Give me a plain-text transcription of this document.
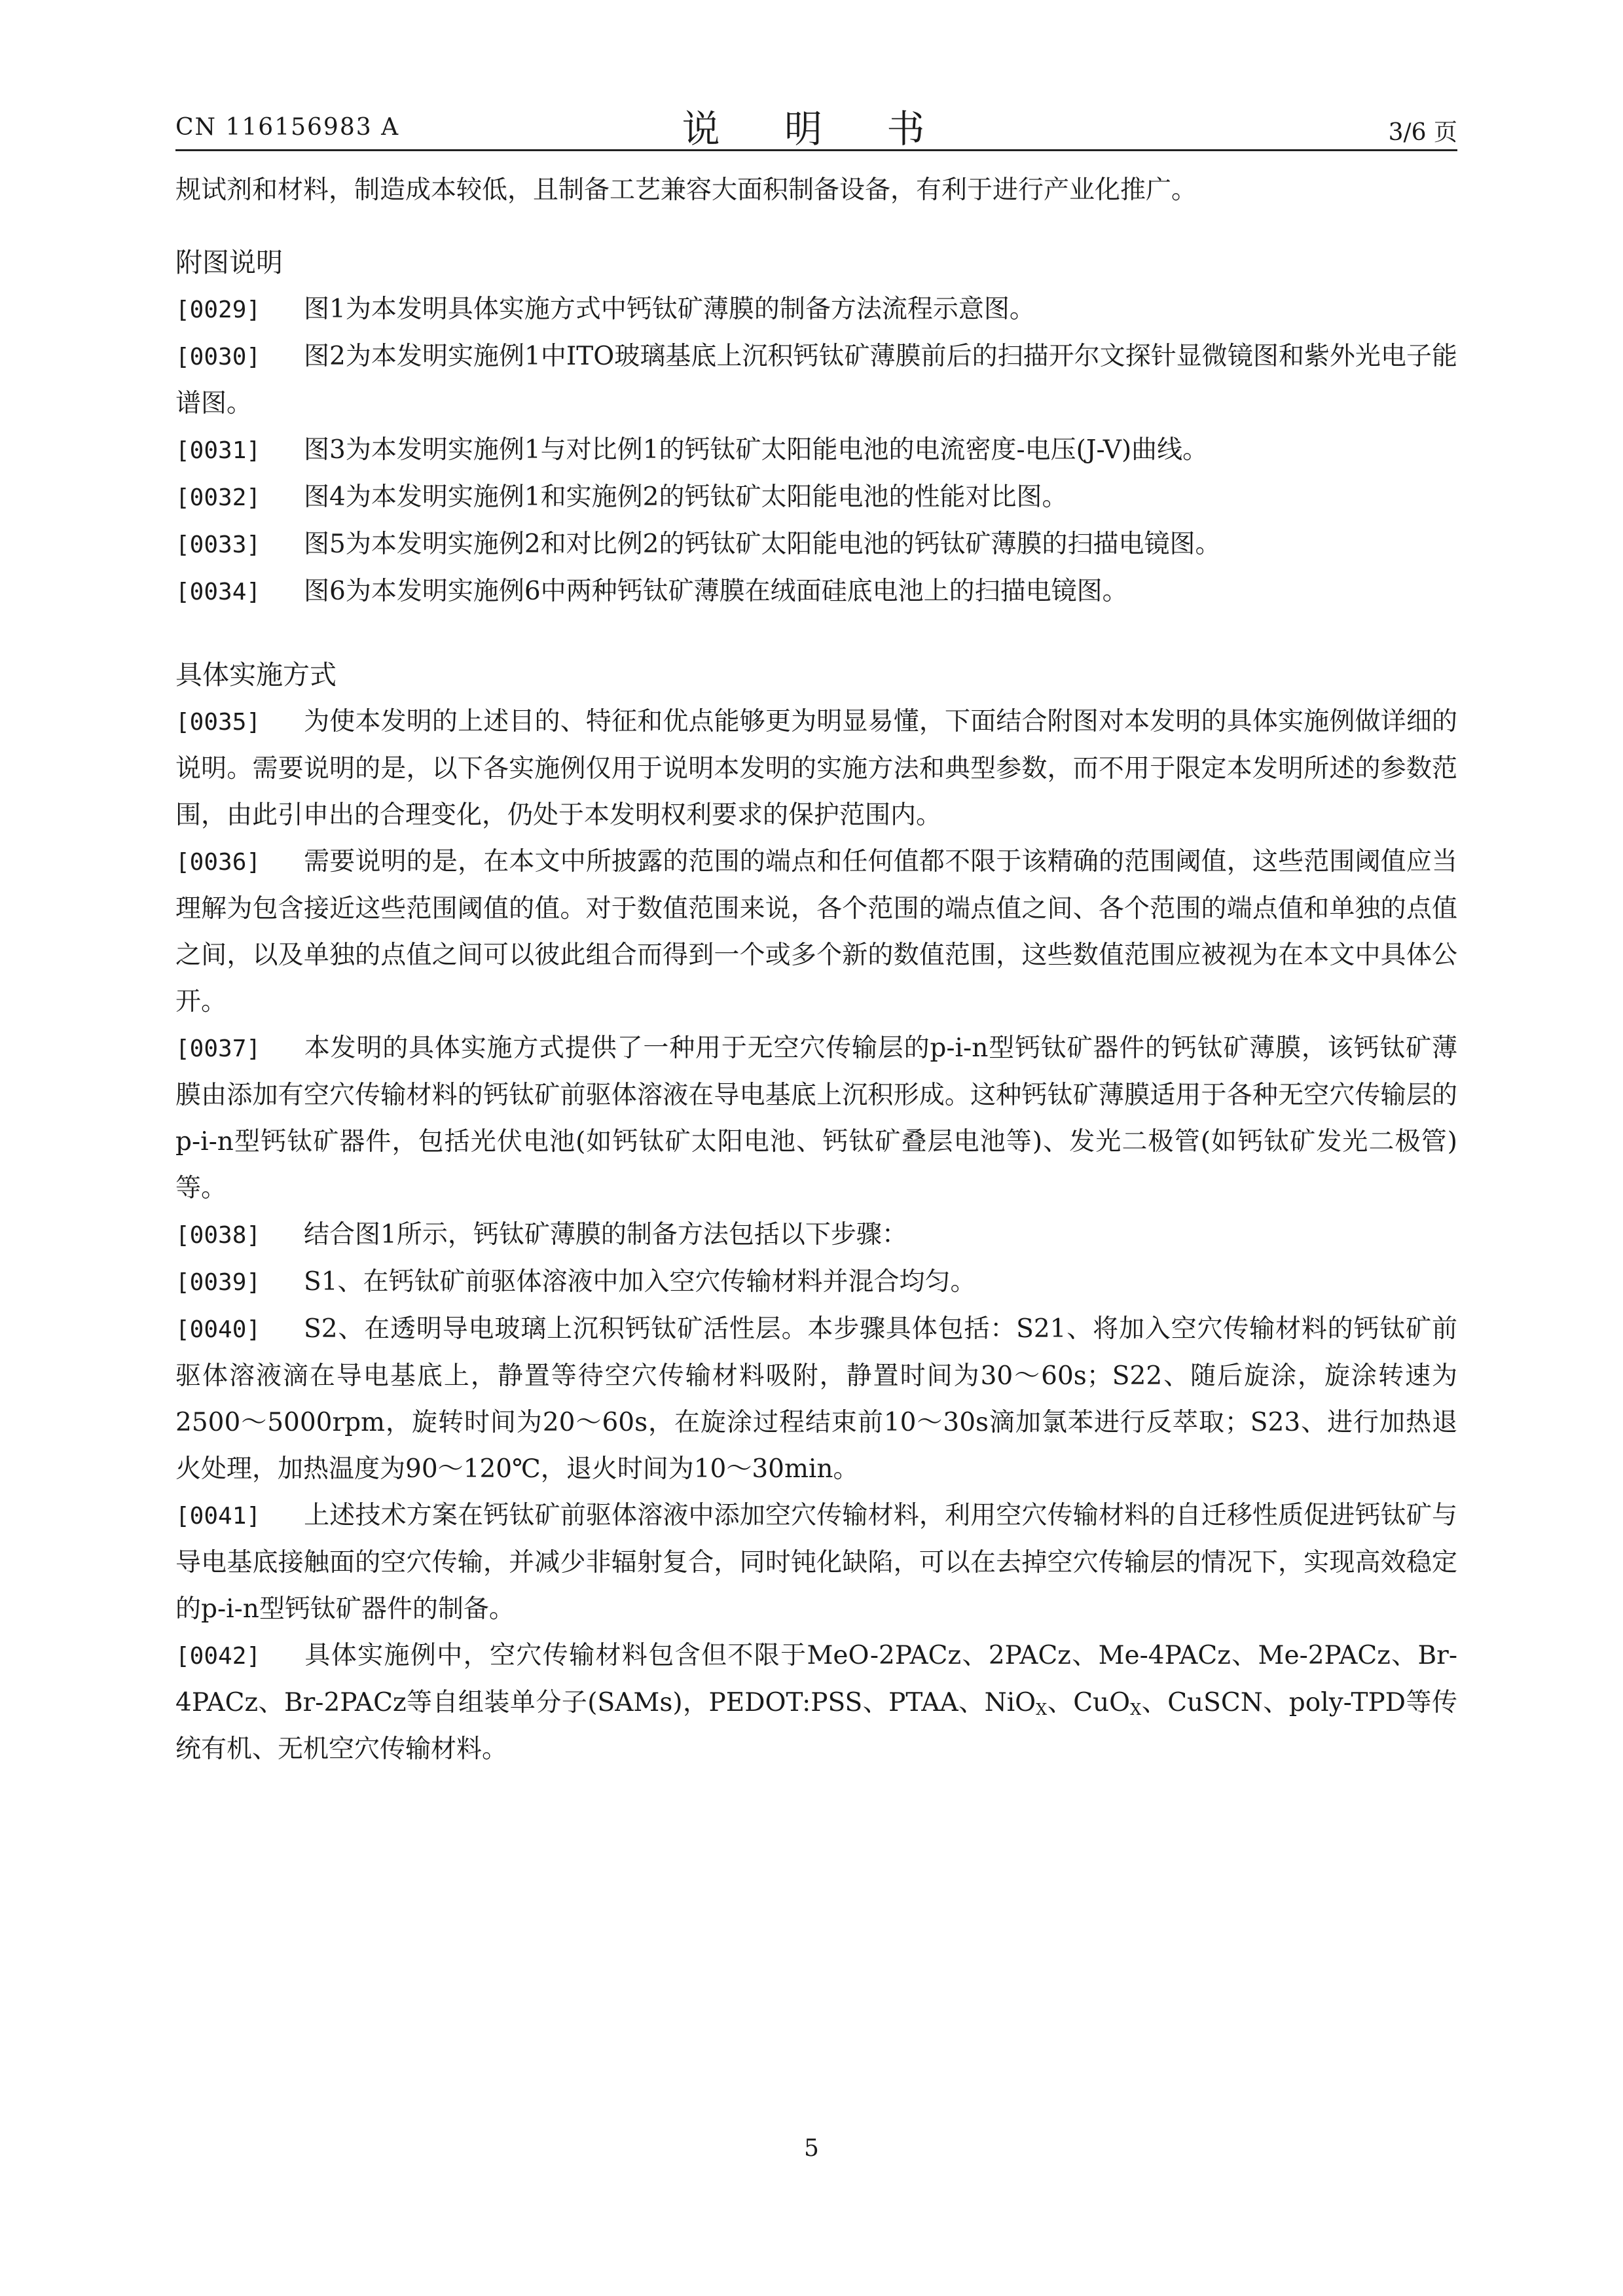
CN 116156983 A	说 明 书	3/6 页

规试剂和材料，制造成本较低，且制备工艺兼容大面积制备设备，有利于进行产业化推广。

附图说明

[0029] 图1为本发明具体实施方式中钙钛矿薄膜的制备方法流程示意图。

[0030] 图2为本发明实施例1中ITO玻璃基底上沉积钙钛矿薄膜前后的扫描开尔文探针显微镜图和紫外光电子能谱图。

[0031] 图3为本发明实施例1与对比例1的钙钛矿太阳能电池的电流密度-电压(J-V)曲线。

[0032] 图4为本发明实施例1和实施例2的钙钛矿太阳能电池的性能对比图。

[0033] 图5为本发明实施例2和对比例2的钙钛矿太阳能电池的钙钛矿薄膜的扫描电镜图。

[0034] 图6为本发明实施例6中两种钙钛矿薄膜在绒面硅底电池上的扫描电镜图。

具体实施方式

[0035] 为使本发明的上述目的、特征和优点能够更为明显易懂，下面结合附图对本发明的具体实施例做详细的说明。需要说明的是，以下各实施例仅用于说明本发明的实施方法和典型参数，而不用于限定本发明所述的参数范围，由此引申出的合理变化，仍处于本发明权利要求的保护范围内。

[0036] 需要说明的是，在本文中所披露的范围的端点和任何值都不限于该精确的范围阈值，这些范围阈值应当理解为包含接近这些范围阈值的值。对于数值范围来说，各个范围的端点值之间、各个范围的端点值和单独的点值之间，以及单独的点值之间可以彼此组合而得到一个或多个新的数值范围，这些数值范围应被视为在本文中具体公开。

[0037] 本发明的具体实施方式提供了一种用于无空穴传输层的p-i-n型钙钛矿器件的钙钛矿薄膜，该钙钛矿薄膜由添加有空穴传输材料的钙钛矿前驱体溶液在导电基底上沉积形成。这种钙钛矿薄膜适用于各种无空穴传输层的p-i-n型钙钛矿器件，包括光伏电池(如钙钛矿太阳电池、钙钛矿叠层电池等)、发光二极管(如钙钛矿发光二极管)等。

[0038] 结合图1所示，钙钛矿薄膜的制备方法包括以下步骤：

[0039] S1、在钙钛矿前驱体溶液中加入空穴传输材料并混合均匀。

[0040] S2、在透明导电玻璃上沉积钙钛矿活性层。本步骤具体包括：S21、将加入空穴传输材料的钙钛矿前驱体溶液滴在导电基底上，静置等待空穴传输材料吸附，静置时间为30～60s；S22、随后旋涂，旋涂转速为2500～5000rpm，旋转时间为20～60s，在旋涂过程结束前10～30s滴加氯苯进行反萃取；S23、进行加热退火处理，加热温度为90～120℃，退火时间为10～30min。

[0041] 上述技术方案在钙钛矿前驱体溶液中添加空穴传输材料，利用空穴传输材料的自迁移性质促进钙钛矿与导电基底接触面的空穴传输，并减少非辐射复合，同时钝化缺陷，可以在去掉空穴传输层的情况下，实现高效稳定的p-i-n型钙钛矿器件的制备。

[0042] 具体实施例中，空穴传输材料包含但不限于MeO-2PACz、2PACz、Me-4PACz、Me-2PACz、Br-4PACz、Br-2PACz等自组装单分子(SAMs)，PEDOT:PSS、PTAA、NiO$_X$、CuO$_X$、CuSCN、poly-TPD等传统有机、无机空穴传输材料。

5
